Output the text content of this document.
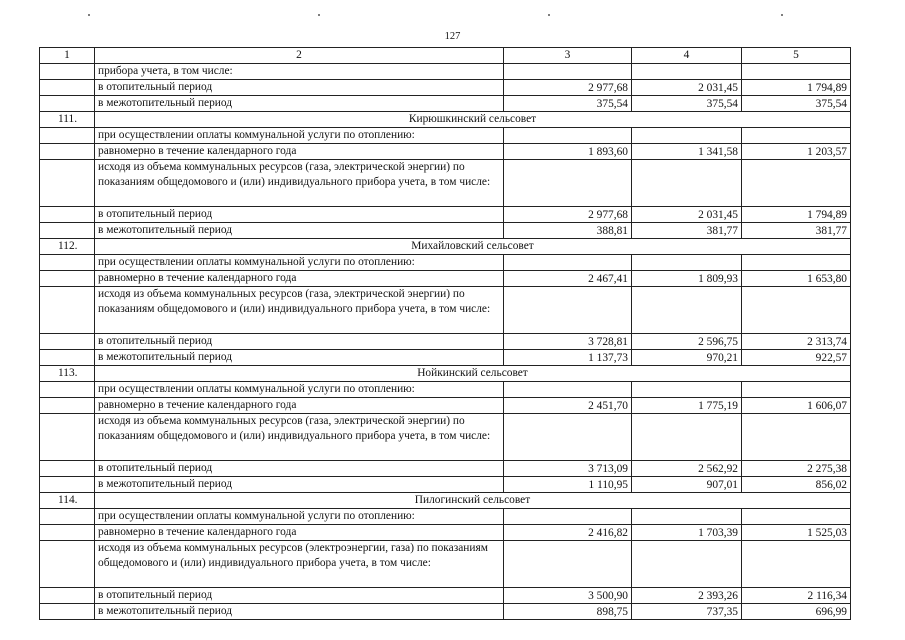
127
1	2	3	4	5
	прибора учета, в том числе:			
	в отопительный период	2 977,68	2 031,45	1 794,89
	в межотопительный период	375,54	375,54	375,54
111.	Кирюшкинский сельсовет			
	при осуществлении оплаты коммунальной услуги по отоплению:			
	равномерно в течение календарного года	1 893,60	1 341,58	1 203,57
	исходя из объема коммунальных ресурсов (газа, электрической энергии) по показаниям общедомового и (или) индивидуального прибора учета, в том числе:			
	в отопительный период	2 977,68	2 031,45	1 794,89
	в межотопительный период	388,81	381,77	381,77
112.	Михайловский сельсовет			
	при осуществлении оплаты коммунальной услуги по отоплению:			
	равномерно в течение календарного года	2 467,41	1 809,93	1 653,80
	исходя из объема коммунальных ресурсов (газа, электрической энергии) по показаниям общедомового и (или) индивидуального прибора учета, в том числе:			
	в отопительный период	3 728,81	2 596,75	2 313,74
	в межотопительный период	1 137,73	970,21	922,57
113.	Нойкинский сельсовет			
	при осуществлении оплаты коммунальной услуги по отоплению:			
	равномерно в течение календарного года	2 451,70	1 775,19	1 606,07
	исходя из объема коммунальных ресурсов (газа, электрической энергии) по показаниям общедомового и (или) индивидуального прибора учета, в том числе:			
	в отопительный период	3 713,09	2 562,92	2 275,38
	в межотопительный период	1 110,95	907,01	856,02
114.	Пилогинский сельсовет			
	при осуществлении оплаты коммунальной услуги по отоплению:			
	равномерно в течение календарного года	2 416,82	1 703,39	1 525,03
	исходя из объема коммунальных ресурсов (электроэнергии, газа) по показаниям общедомового и (или) индивидуального прибора учета, в том числе:			
	в отопительный период	3 500,90	2 393,26	2 116,34
	в межотопительный период	898,75	737,35	696,99
